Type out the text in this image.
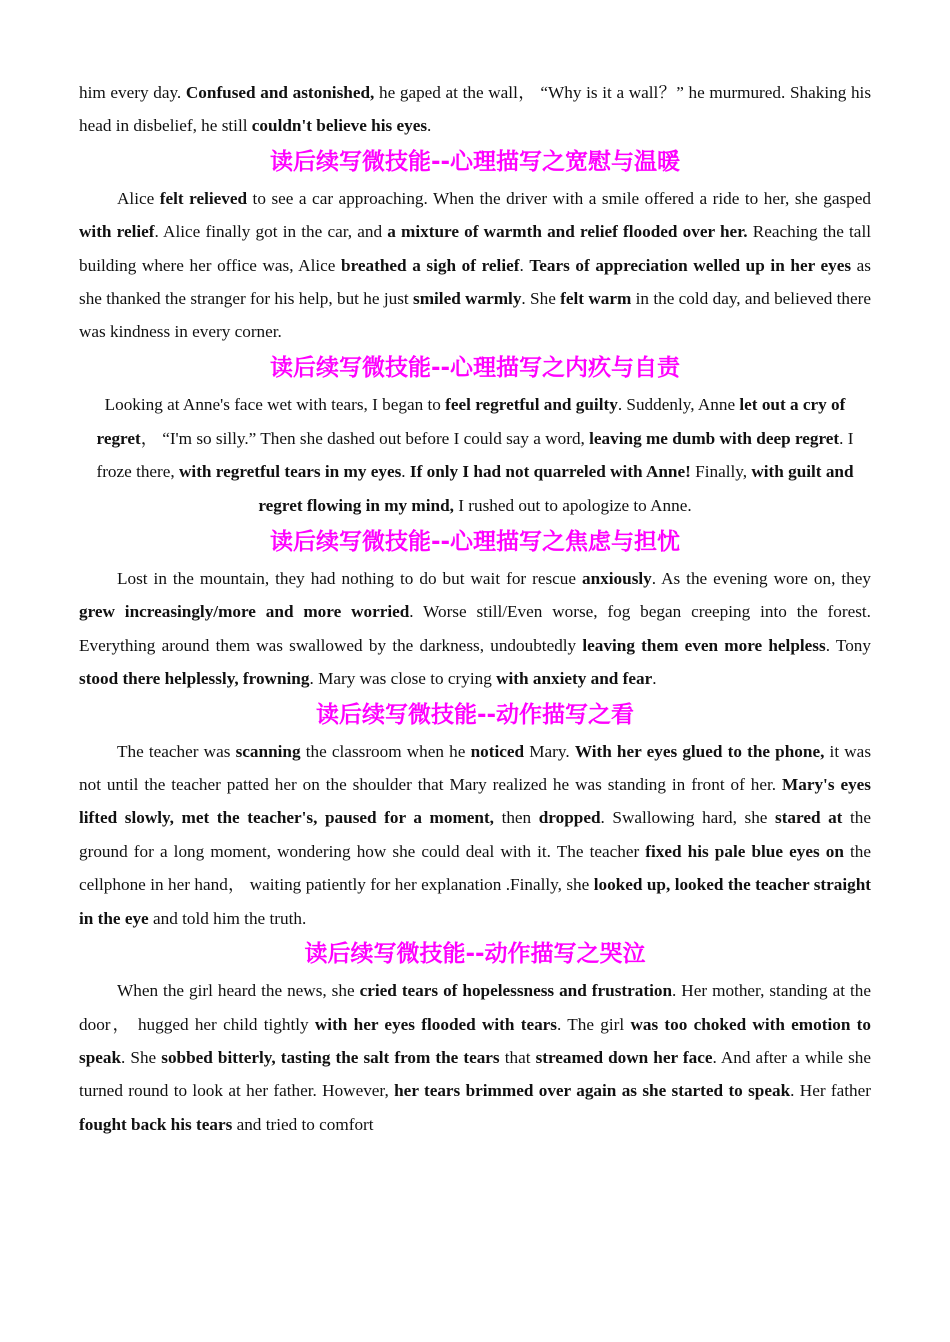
him every day. Confused and astonished, he gaped at the wall， “Why is it a wall？” he murmured. Shaking his head in disbelief, he still couldn't believe his eyes.

读后续写微技能--心理描写之宽慰与温暖

Alice felt relieved to see a car approaching. When the driver with a smile offered a ride to her, she gasped with relief. Alice finally got in the car, and a mixture of warmth and relief flooded over her. Reaching the tall building where her office was, Alice breathed a sigh of relief. Tears of appreciation welled up in her eyes as she thanked the stranger for his help, but he just smiled warmly. She felt warm in the cold day, and believed there was kindness in every corner.

读后续写微技能--心理描写之内疚与自责

Looking at Anne's face wet with tears, I began to feel regretful and guilty. Suddenly, Anne let out a cry of regret， “I'm so silly.” Then she dashed out before I could say a word, leaving me dumb with deep regret. I froze there, with regretful tears in my eyes. If only I had not quarreled with Anne! Finally, with guilt and regret flowing in my mind, I rushed out to apologize to Anne.

读后续写微技能--心理描写之焦虑与担忧

Lost in the mountain, they had nothing to do but wait for rescue anxiously. As the evening wore on, they grew increasingly/more and more worried. Worse still/Even worse, fog began creeping into the forest. Everything around them was swallowed by the darkness, undoubtedly leaving them even more helpless. Tony stood there helplessly, frowning. Mary was close to crying with anxiety and fear.

读后续写微技能--动作描写之看

The teacher was scanning the classroom when he noticed Mary. With her eyes glued to the phone, it was not until the teacher patted her on the shoulder that Mary realized he was standing in front of her. Mary's eyes lifted slowly, met the teacher's, paused for a moment, then dropped. Swallowing hard, she stared at the ground for a long moment, wondering how she could deal with it. The teacher fixed his pale blue eyes on the cellphone in her hand， waiting patiently for her explanation .Finally, she looked up, looked the teacher straight in the eye and told him the truth.

读后续写微技能--动作描写之哭泣

When the girl heard the news, she cried tears of hopelessness and frustration. Her mother, standing at the door， hugged her child tightly with her eyes flooded with tears. The girl was too choked with emotion to speak. She sobbed bitterly, tasting the salt from the tears that streamed down her face. And after a while she turned round to look at her father. However, her tears brimmed over again as she started to speak. Her father fought back his tears and tried to comfort
